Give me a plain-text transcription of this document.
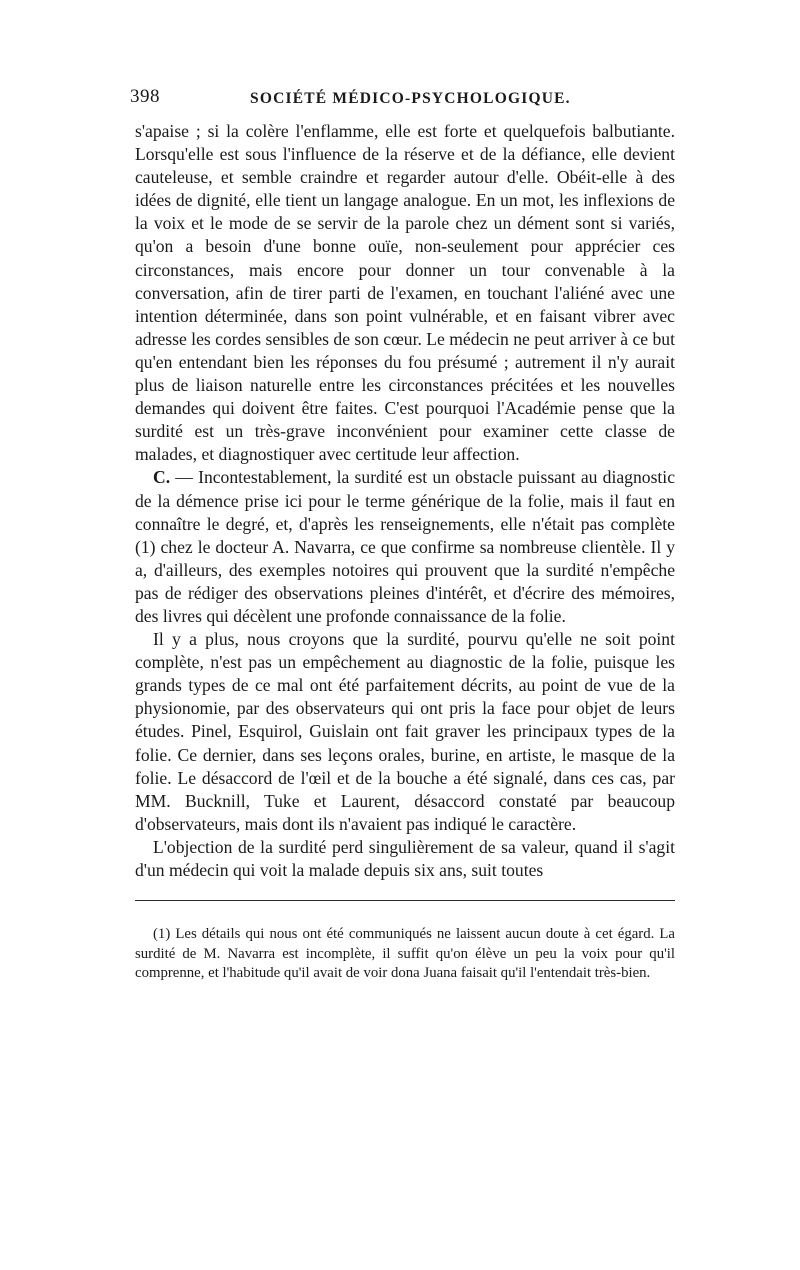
398	SOCIÉTÉ MÉDICO-PSYCHOLOGIQUE.

s'apaise ; si la colère l'enflamme, elle est forte et quelquefois balbutiante. Lorsqu'elle est sous l'influence de la réserve et de la défiance, elle devient cauteleuse, et semble craindre et regarder autour d'elle. Obéit-elle à des idées de dignité, elle tient un langage analogue. En un mot, les inflexions de la voix et le mode de se servir de la parole chez un dément sont si variés, qu'on a besoin d'une bonne ouïe, non-seulement pour apprécier ces circonstances, mais encore pour donner un tour convenable à la conversation, afin de tirer parti de l'examen, en touchant l'aliéné avec une intention déterminée, dans son point vulnérable, et en faisant vibrer avec adresse les cordes sensibles de son cœur. Le médecin ne peut arriver à ce but qu'en entendant bien les réponses du fou présumé ; autrement il n'y aurait plus de liaison naturelle entre les circonstances précitées et les nouvelles demandes qui doivent être faites. C'est pourquoi l'Académie pense que la surdité est un très-grave inconvénient pour examiner cette classe de malades, et diagnostiquer avec certitude leur affection.

C. — Incontestablement, la surdité est un obstacle puissant au diagnostic de la démence prise ici pour le terme générique de la folie, mais il faut en connaître le degré, et, d'après les renseignements, elle n'était pas complète (1) chez le docteur A. Navarra, ce que confirme sa nombreuse clientèle. Il y a, d'ailleurs, des exemples notoires qui prouvent que la surdité n'empêche pas de rédiger des observations pleines d'intérêt, et d'écrire des mémoires, des livres qui décèlent une profonde connaissance de la folie.

Il y a plus, nous croyons que la surdité, pourvu qu'elle ne soit point complète, n'est pas un empêchement au diagnostic de la folie, puisque les grands types de ce mal ont été parfaitement décrits, au point de vue de la physionomie, par des observateurs qui ont pris la face pour objet de leurs études. Pinel, Esquirol, Guislain ont fait graver les principaux types de la folie. Ce dernier, dans ses leçons orales, burine, en artiste, le masque de la folie. Le désaccord de l'œil et de la bouche a été signalé, dans ces cas, par MM. Bucknill, Tuke et Laurent, désaccord constaté par beaucoup d'observateurs, mais dont ils n'avaient pas indiqué le caractère.

L'objection de la surdité perd singulièrement de sa valeur, quand il s'agit d'un médecin qui voit la malade depuis six ans, suit toutes

(1) Les détails qui nous ont été communiqués ne laissent aucun doute à cet égard. La surdité de M. Navarra est incomplète, il suffit qu'on élève un peu la voix pour qu'il comprenne, et l'habitude qu'il avait de voir dona Juana faisait qu'il l'entendait très-bien.
